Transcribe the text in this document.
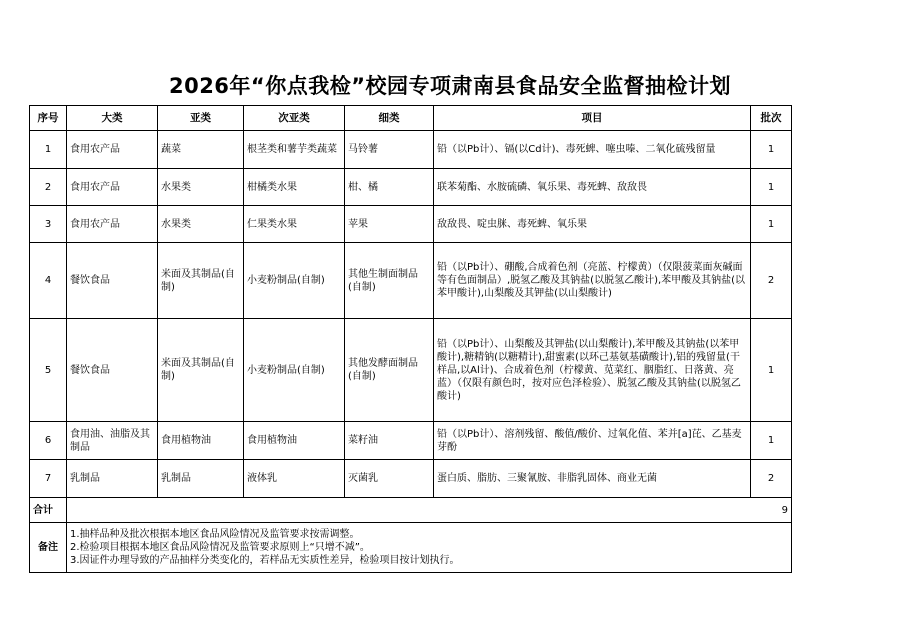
2026年“你点我检”校园专项肃南县食品安全监督抽检计划
序号	大类	亚类	次亚类	细类	项目	批次
1	食用农产品	蔬菜	根茎类和薯芋类蔬菜	马铃薯	铅（以Pb计）、镉(以Cd计)、毒死蜱、噻虫嗪、二氧化硫残留量	1
2	食用农产品	水果类	柑橘类水果	柑、橘	联苯菊酯、水胺硫磷、氧乐果、毒死蜱、敌敌畏	1
3	食用农产品	水果类	仁果类水果	苹果	敌敌畏、啶虫脒、毒死蜱、氧乐果	1
4	餐饮食品	米面及其制品(自制)	小麦粉制品(自制)	其他生制面制品(自制)	铅（以Pb计）、硼酸,合成着色剂（亮蓝、柠檬黄）（仅限菠菜面灰碱面等有色面制品）,脱氢乙酸及其钠盐(以脱氢乙酸计),苯甲酸及其钠盐(以苯甲酸计),山梨酸及其钾盐(以山梨酸计)	2
5	餐饮食品	米面及其制品(自制)	小麦粉制品(自制)	其他发酵面制品(自制)	铅（以Pb计）、山梨酸及其钾盐(以山梨酸计),苯甲酸及其钠盐(以苯甲酸计),糖精钠(以糖精计),甜蜜素(以环己基氨基磺酸计),铝的残留量(干样品,以Al计)、合成着色剂（柠檬黄、苋菜红、胭脂红、日落黄、亮蓝）（仅限有颜色时，按对应色泽检验）、脱氢乙酸及其钠盐(以脱氢乙酸计)	1
6	食用油、油脂及其制品	食用植物油	食用植物油	菜籽油	铅（以Pb计）、溶剂残留、酸值/酸价、过氧化值、苯并[a]芘、乙基麦芽酚	1
7	乳制品	乳制品	液体乳	灭菌乳	蛋白质、脂肪、三聚氰胺、非脂乳固体、商业无菌	2
合计	9					
备注	1.抽样品种及批次根据本地区食品风险情况及监管要求按需调整。
2.检验项目根据本地区食品风险情况及监管要求原则上“只增不减”。
3.因证件办理导致的产品抽样分类变化的，若样品无实质性差异，检验项目按计划执行。					
